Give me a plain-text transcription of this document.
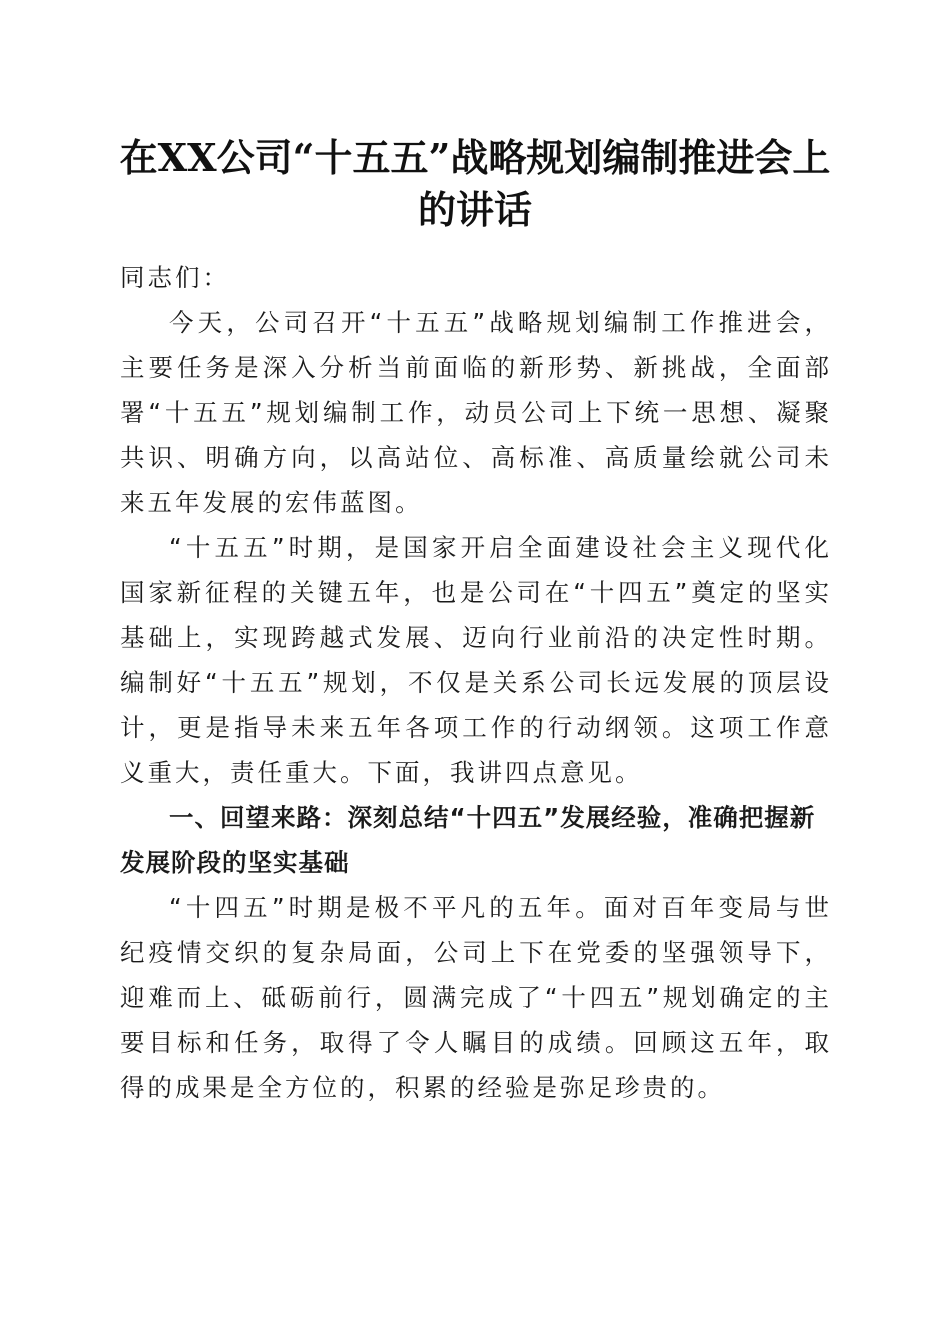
在XX公司“十五五”战略规划编制推进会上的讲话

同志们：

今天，公司召开“十五五”战略规划编制工作推进会，主要任务是深入分析当前面临的新形势、新挑战，全面部署“十五五”规划编制工作，动员公司上下统一思想、凝聚共识、明确方向，以高站位、高标准、高质量绘就公司未来五年发展的宏伟蓝图。

“十五五”时期，是国家开启全面建设社会主义现代化国家新征程的关键五年，也是公司在“十四五”奠定的坚实基础上，实现跨越式发展、迈向行业前沿的决定性时期。编制好“十五五”规划，不仅是关系公司长远发展的顶层设计，更是指导未来五年各项工作的行动纲领。这项工作意义重大，责任重大。下面，我讲四点意见。

一、回望来路：深刻总结“十四五”发展经验，准确把握新发展阶段的坚实基础

“十四五”时期是极不平凡的五年。面对百年变局与世纪疫情交织的复杂局面，公司上下在党委的坚强领导下，迎难而上、砥砺前行，圆满完成了“十四五”规划确定的主要目标和任务，取得了令人瞩目的成绩。回顾这五年，取得的成果是全方位的，积累的经验是弥足珍贵的。
